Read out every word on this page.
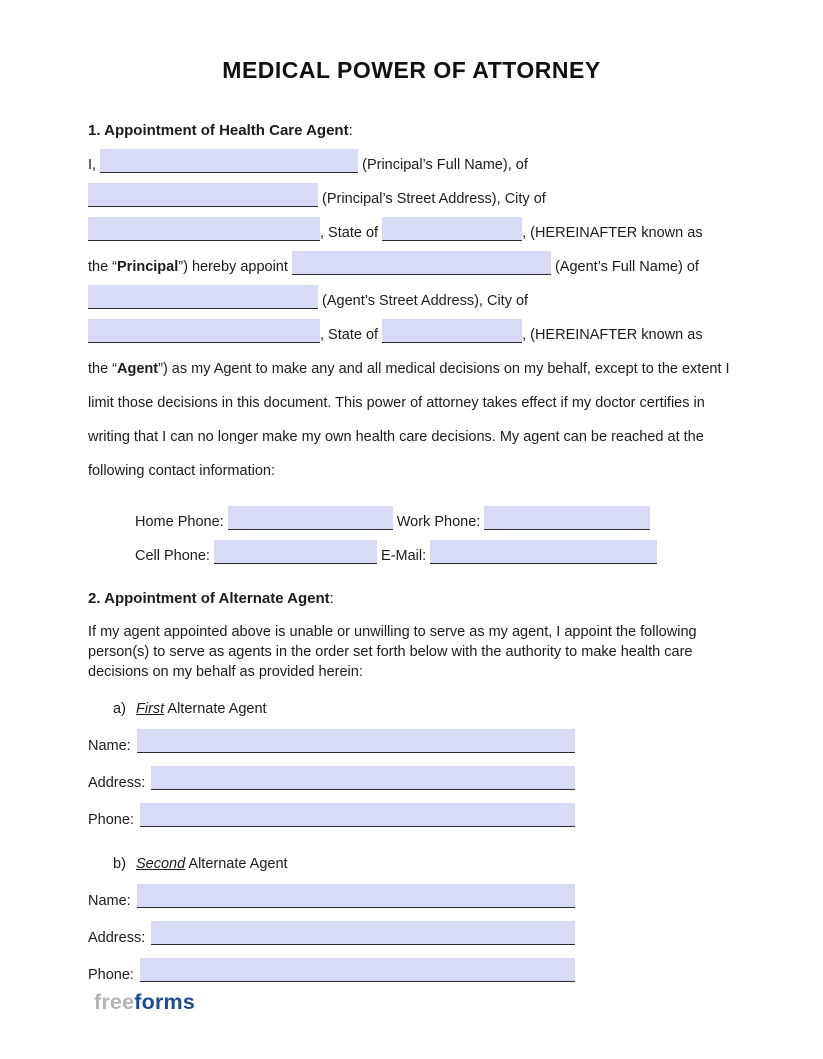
MEDICAL POWER OF ATTORNEY
1. Appointment of Health Care Agent:
I,	(Principal’s Full Name), of
(Principal’s Street Address), City of
, State of	, (HEREINAFTER known as
the “Principal”) hereby appoint	(Agent’s Full Name) of
(Agent’s Street Address), City of
, State of	, (HEREINAFTER known as

the “Agent”) as my Agent to make any and all medical decisions on my behalf, except to the extent I limit those decisions in this document. This power of attorney takes effect if my doctor certifies in writing that I can no longer make my own health care decisions. My agent can be reached at the following contact information:

Home Phone:	Work Phone:
Cell Phone:	E-Mail:
2. Appointment of Alternate Agent:

If my agent appointed above is unable or unwilling to serve as my agent, I appoint the following person(s) to serve as agents in the order set forth below with the authority to make health care decisions on my behalf as provided herein:

a) First Alternate Agent
Name:
Address:
Phone:
b) Second Alternate Agent
Name:
Address:
Phone:
freeforms
